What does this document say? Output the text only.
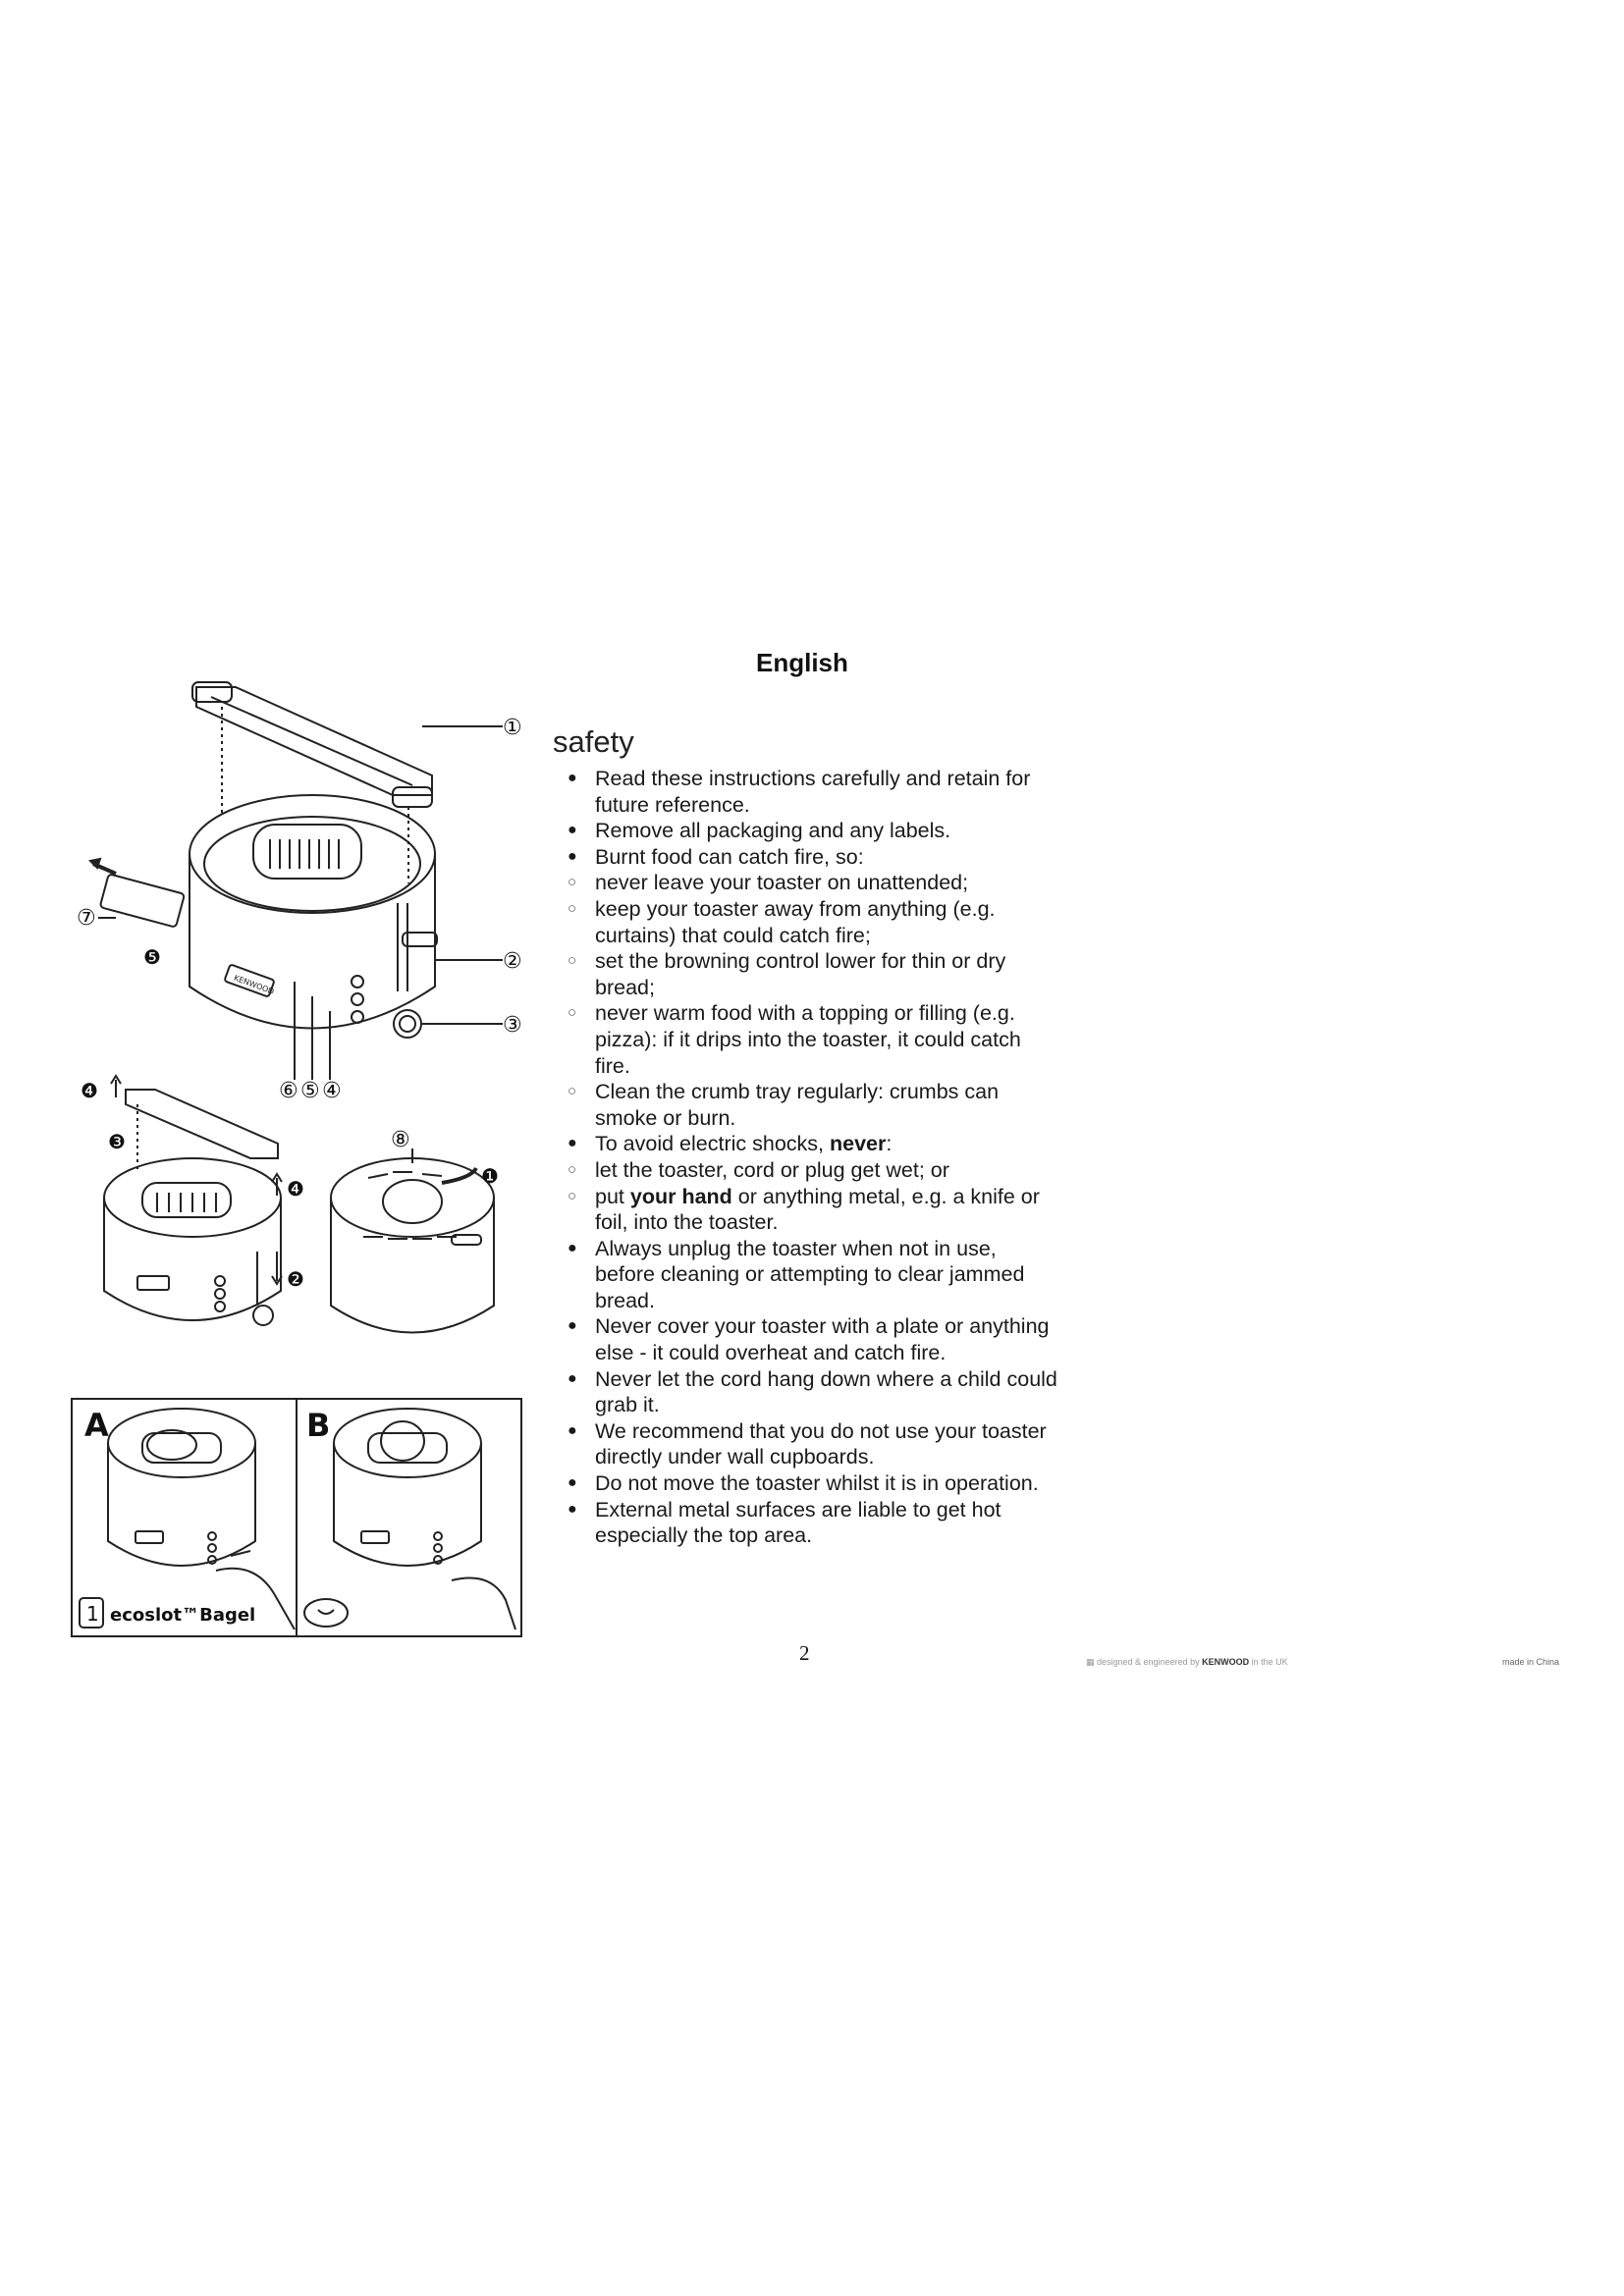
English
safety
● Read these instructions carefully and retain for future reference.
● Remove all packaging and any labels.
● Burnt food can catch fire, so:
○ never leave your toaster on unattended;
○ keep your toaster away from anything (e.g. curtains) that could catch fire;
○ set the browning control lower for thin or dry bread;
○ never warm food with a topping or filling (e.g. pizza): if it drips into the toaster, it could catch fire.
○ Clean the crumb tray regularly: crumbs can smoke or burn.
● To avoid electric shocks, never:
○ let the toaster, cord or plug get wet; or
○ put your hand or anything metal, e.g. a knife or foil, into the toaster.
● Always unplug the toaster when not in use, before cleaning or attempting to clear jammed bread.
● Never cover your toaster with a plate or anything else - it could overheat and catch fire.
● Never let the cord hang down where a child could grab it.
● We recommend that you do not use your toaster directly under wall cupboards.
● Do not move the toaster whilst it is in operation.
● External metal surfaces are liable to get hot especially the top area.
①
②
③
④
⑤
⑥
⑦
⑧
❶
❷
❸
❹
❹
❺
KENWOOD
A	B
1 ecoslot™Bagel
2	▦ designed & engineered by KENWOOD in the UK	made in China
